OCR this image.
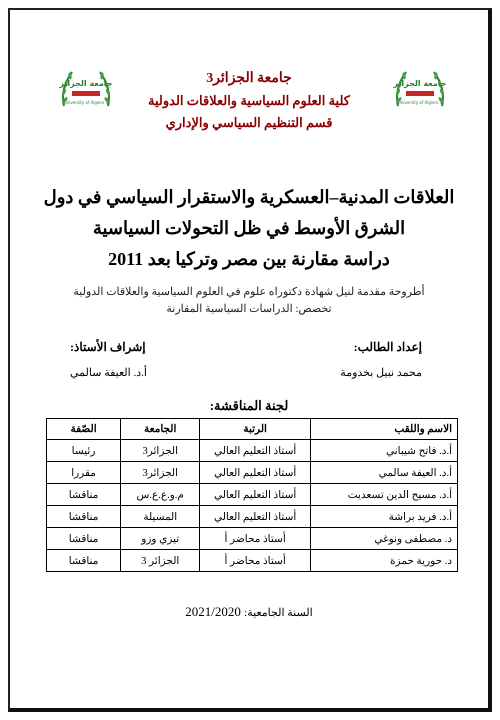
جامعة الجزائر
University of Algiers 3
جامعة الجزائر
University of Algiers 3
جامعة الجزائر3
كلية العلوم السياسية والعلاقات الدولية
قسم التنظيم السياسي والإداري
العلاقات المدنية–العسكرية والاستقرار السياسي في دول
الشرق الأوسط في ظل التحولات السياسية
دراسة مقارنة بين مصر وتركيا بعد 2011
أطروحة مقدمة لنيل شهادة دكتوراه علوم في العلوم السياسية والعلاقات الدولية
تخصص: الدراسات السياسية المقارنة
إعداد الطالب:
إشراف الأستاذ:
محمد نبيل بخدومة
أ.د. العيفة سالمي
لجنة المناقشة:
الاسم واللقب	الرتبة	الجامعة	الصّفة
أ.د. فاتح شيباني	أستاذ التعليم العالي	الجزائر3	رئيسا
أ.د. العيفة سالمي	أستاذ التعليم العالي	الجزائر3	مقررا
أ.د. مسيح الدين تسعديت	أستاذ التعليم العالي	م.و.ع.ع.س	مناقشا
أ.د. فريد براشة	أستاذ التعليم العالي	المسيلة	مناقشا
د. مصطفى ونوغي	أستاذ محاضر أ	تيزي وزو	مناقشا
د. حورية حمزة	أستاذ محاضر أ	الجزائر 3	مناقشا
السنة الجامعية: 2021/2020
